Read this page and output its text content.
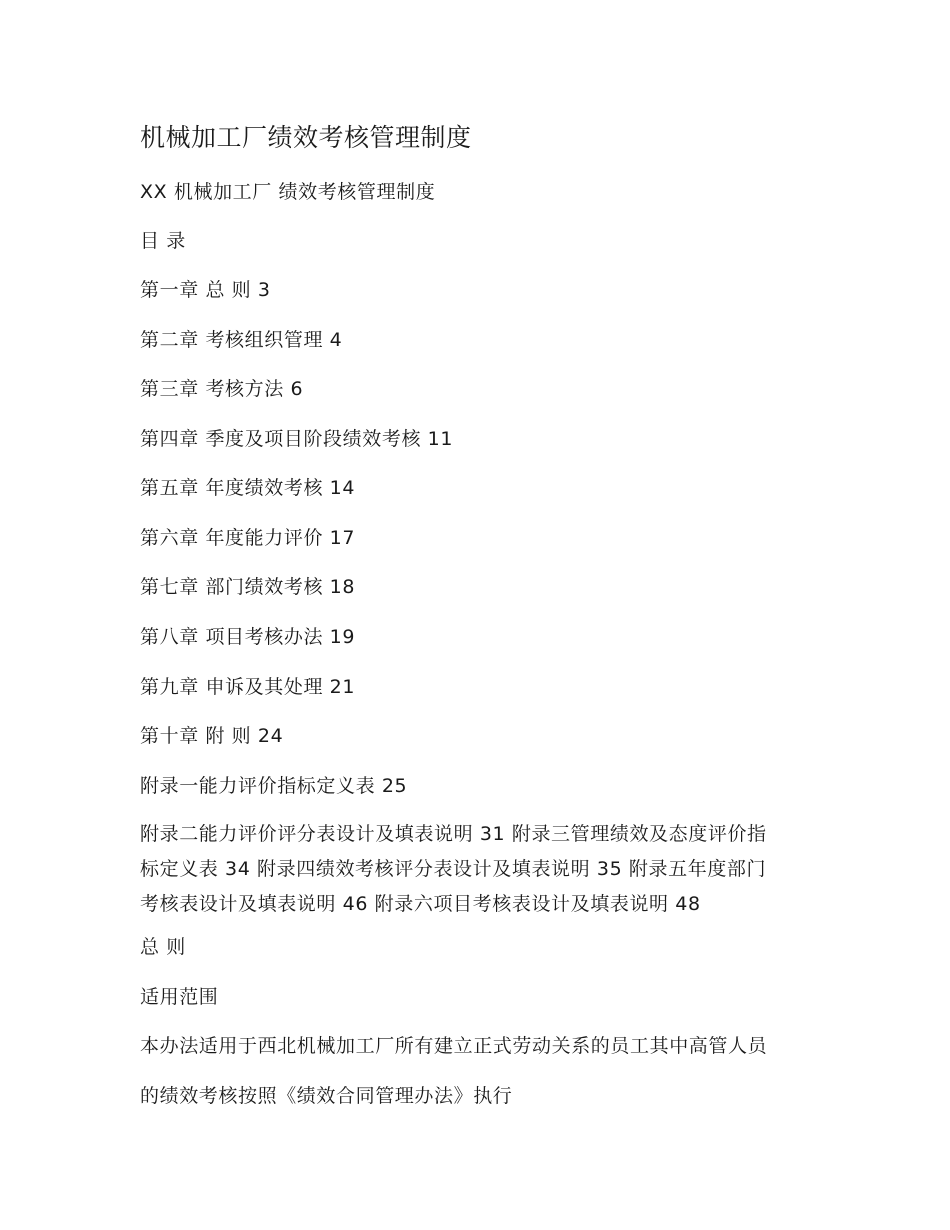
机械加工厂绩效考核管理制度
XX 机械加工厂 绩效考核管理制度
目 录
第一章 总 则 3
第二章 考核组织管理 4
第三章 考核方法 6
第四章 季度及项目阶段绩效考核 11
第五章 年度绩效考核 14
第六章 年度能力评价 17
第七章 部门绩效考核 18
第八章 项目考核办法 19
第九章 申诉及其处理 21
第十章 附 则 24
附录一能力评价指标定义表 25
附录二能力评价评分表设计及填表说明 31 附录三管理绩效及态度评价指
标定义表 34 附录四绩效考核评分表设计及填表说明 35 附录五年度部门
考核表设计及填表说明 46 附录六项目考核表设计及填表说明 48
总 则
适用范围
本办法适用于西北机械加工厂所有建立正式劳动关系的员工其中高管人员
的绩效考核按照《绩效合同管理办法》执行
